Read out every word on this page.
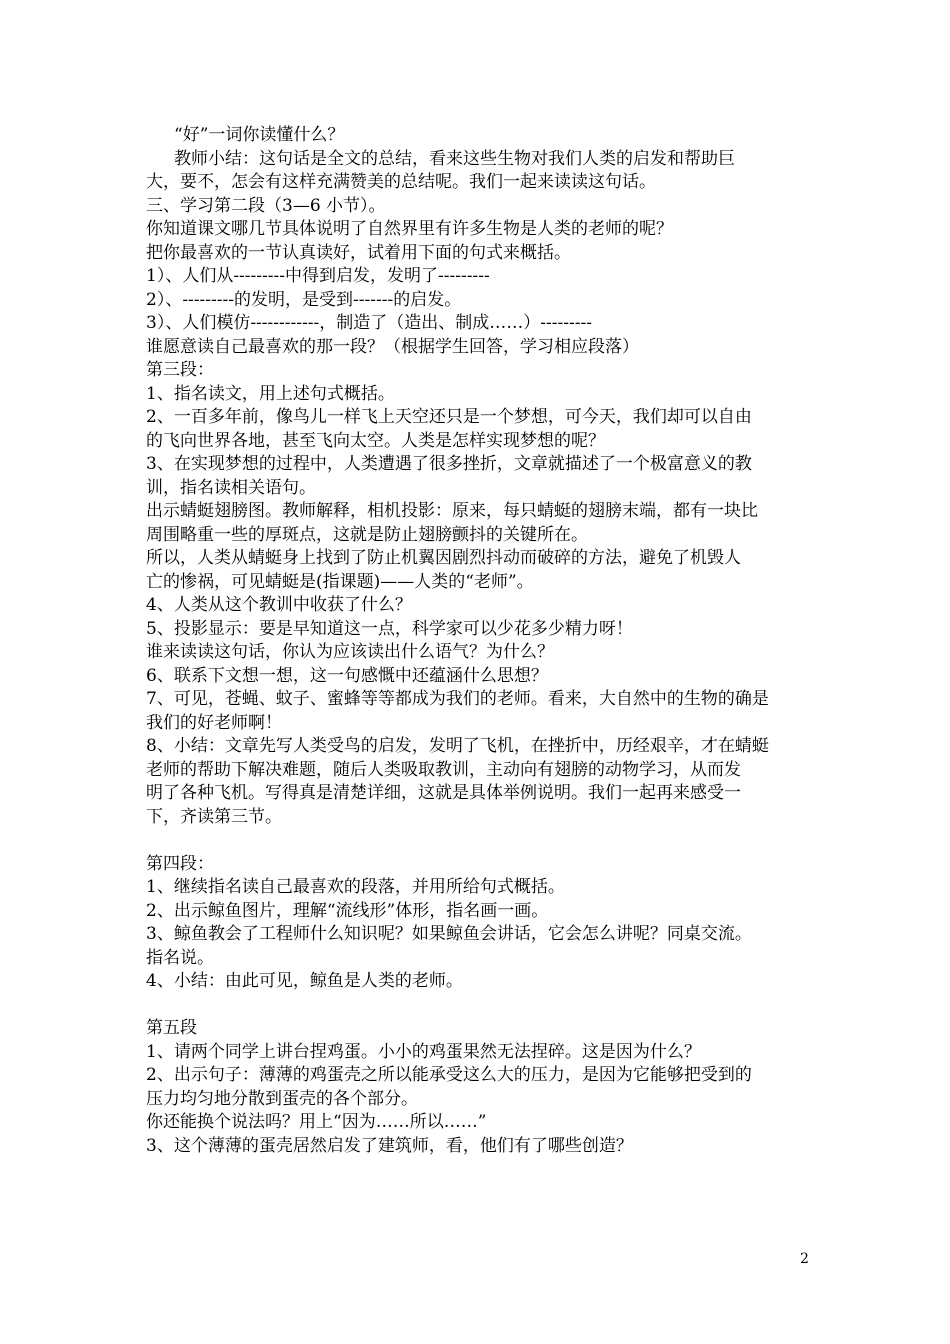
“好”一词你读懂什么？
教师小结：这句话是全文的总结，看来这些生物对我们人类的启发和帮助巨
大，要不，怎会有这样充满赞美的总结呢。我们一起来读读这句话。
三、学习第二段（3—6 小节）。
你知道课文哪几节具体说明了自然界里有许多生物是人类的老师的呢？
把你最喜欢的一节认真读好，试着用下面的句式来概括。
1）、人们从---------中得到启发，发明了---------
2）、---------的发明，是受到-------的启发。
3）、人们模仿------------，制造了（造出、制成……）---------
谁愿意读自己最喜欢的那一段？（根据学生回答，学习相应段落）
第三段：
1、指名读文，用上述句式概括。
2、一百多年前，像鸟儿一样飞上天空还只是一个梦想，可今天，我们却可以自由
的飞向世界各地，甚至飞向太空。人类是怎样实现梦想的呢？
3、在实现梦想的过程中，人类遭遇了很多挫折，文章就描述了一个极富意义的教
训，指名读相关语句。
出示蜻蜓翅膀图。教师解释，相机投影：原来，每只蜻蜓的翅膀末端，都有一块比
周围略重一些的厚斑点，这就是防止翅膀颤抖的关键所在。
所以，人类从蜻蜓身上找到了防止机翼因剧烈抖动而破碎的方法，避免了机毁人
亡的惨祸，可见蜻蜓是(指课题)——人类的“老师”。
4、人类从这个教训中收获了什么？
5、投影显示：要是早知道这一点，科学家可以少花多少精力呀！
谁来读读这句话，你认为应该读出什么语气？为什么？
6、联系下文想一想，这一句感慨中还蕴涵什么思想？
7、可见，苍蝇、蚊子、蜜蜂等等都成为我们的老师。看来，大自然中的生物的确是
我们的好老师啊！
8、小结：文章先写人类受鸟的启发，发明了飞机，在挫折中，历经艰辛，才在蜻蜓
老师的帮助下解决难题，随后人类吸取教训，主动向有翅膀的动物学习，从而发
明了各种飞机。写得真是清楚详细，这就是具体举例说明。我们一起再来感受一
下，齐读第三节。
第四段：
1、继续指名读自己最喜欢的段落，并用所给句式概括。
2、出示鲸鱼图片，理解“流线形”体形，指名画一画。
3、鲸鱼教会了工程师什么知识呢？如果鲸鱼会讲话，它会怎么讲呢？同桌交流。
指名说。
4、小结：由此可见，鲸鱼是人类的老师。
第五段
1、请两个同学上讲台捏鸡蛋。小小的鸡蛋果然无法捏碎。这是因为什么？
2、出示句子：薄薄的鸡蛋壳之所以能承受这么大的压力，是因为它能够把受到的
压力均匀地分散到蛋壳的各个部分。
你还能换个说法吗？用上“因为……所以……”
3、这个薄薄的蛋壳居然启发了建筑师，看，他们有了哪些创造？
2
